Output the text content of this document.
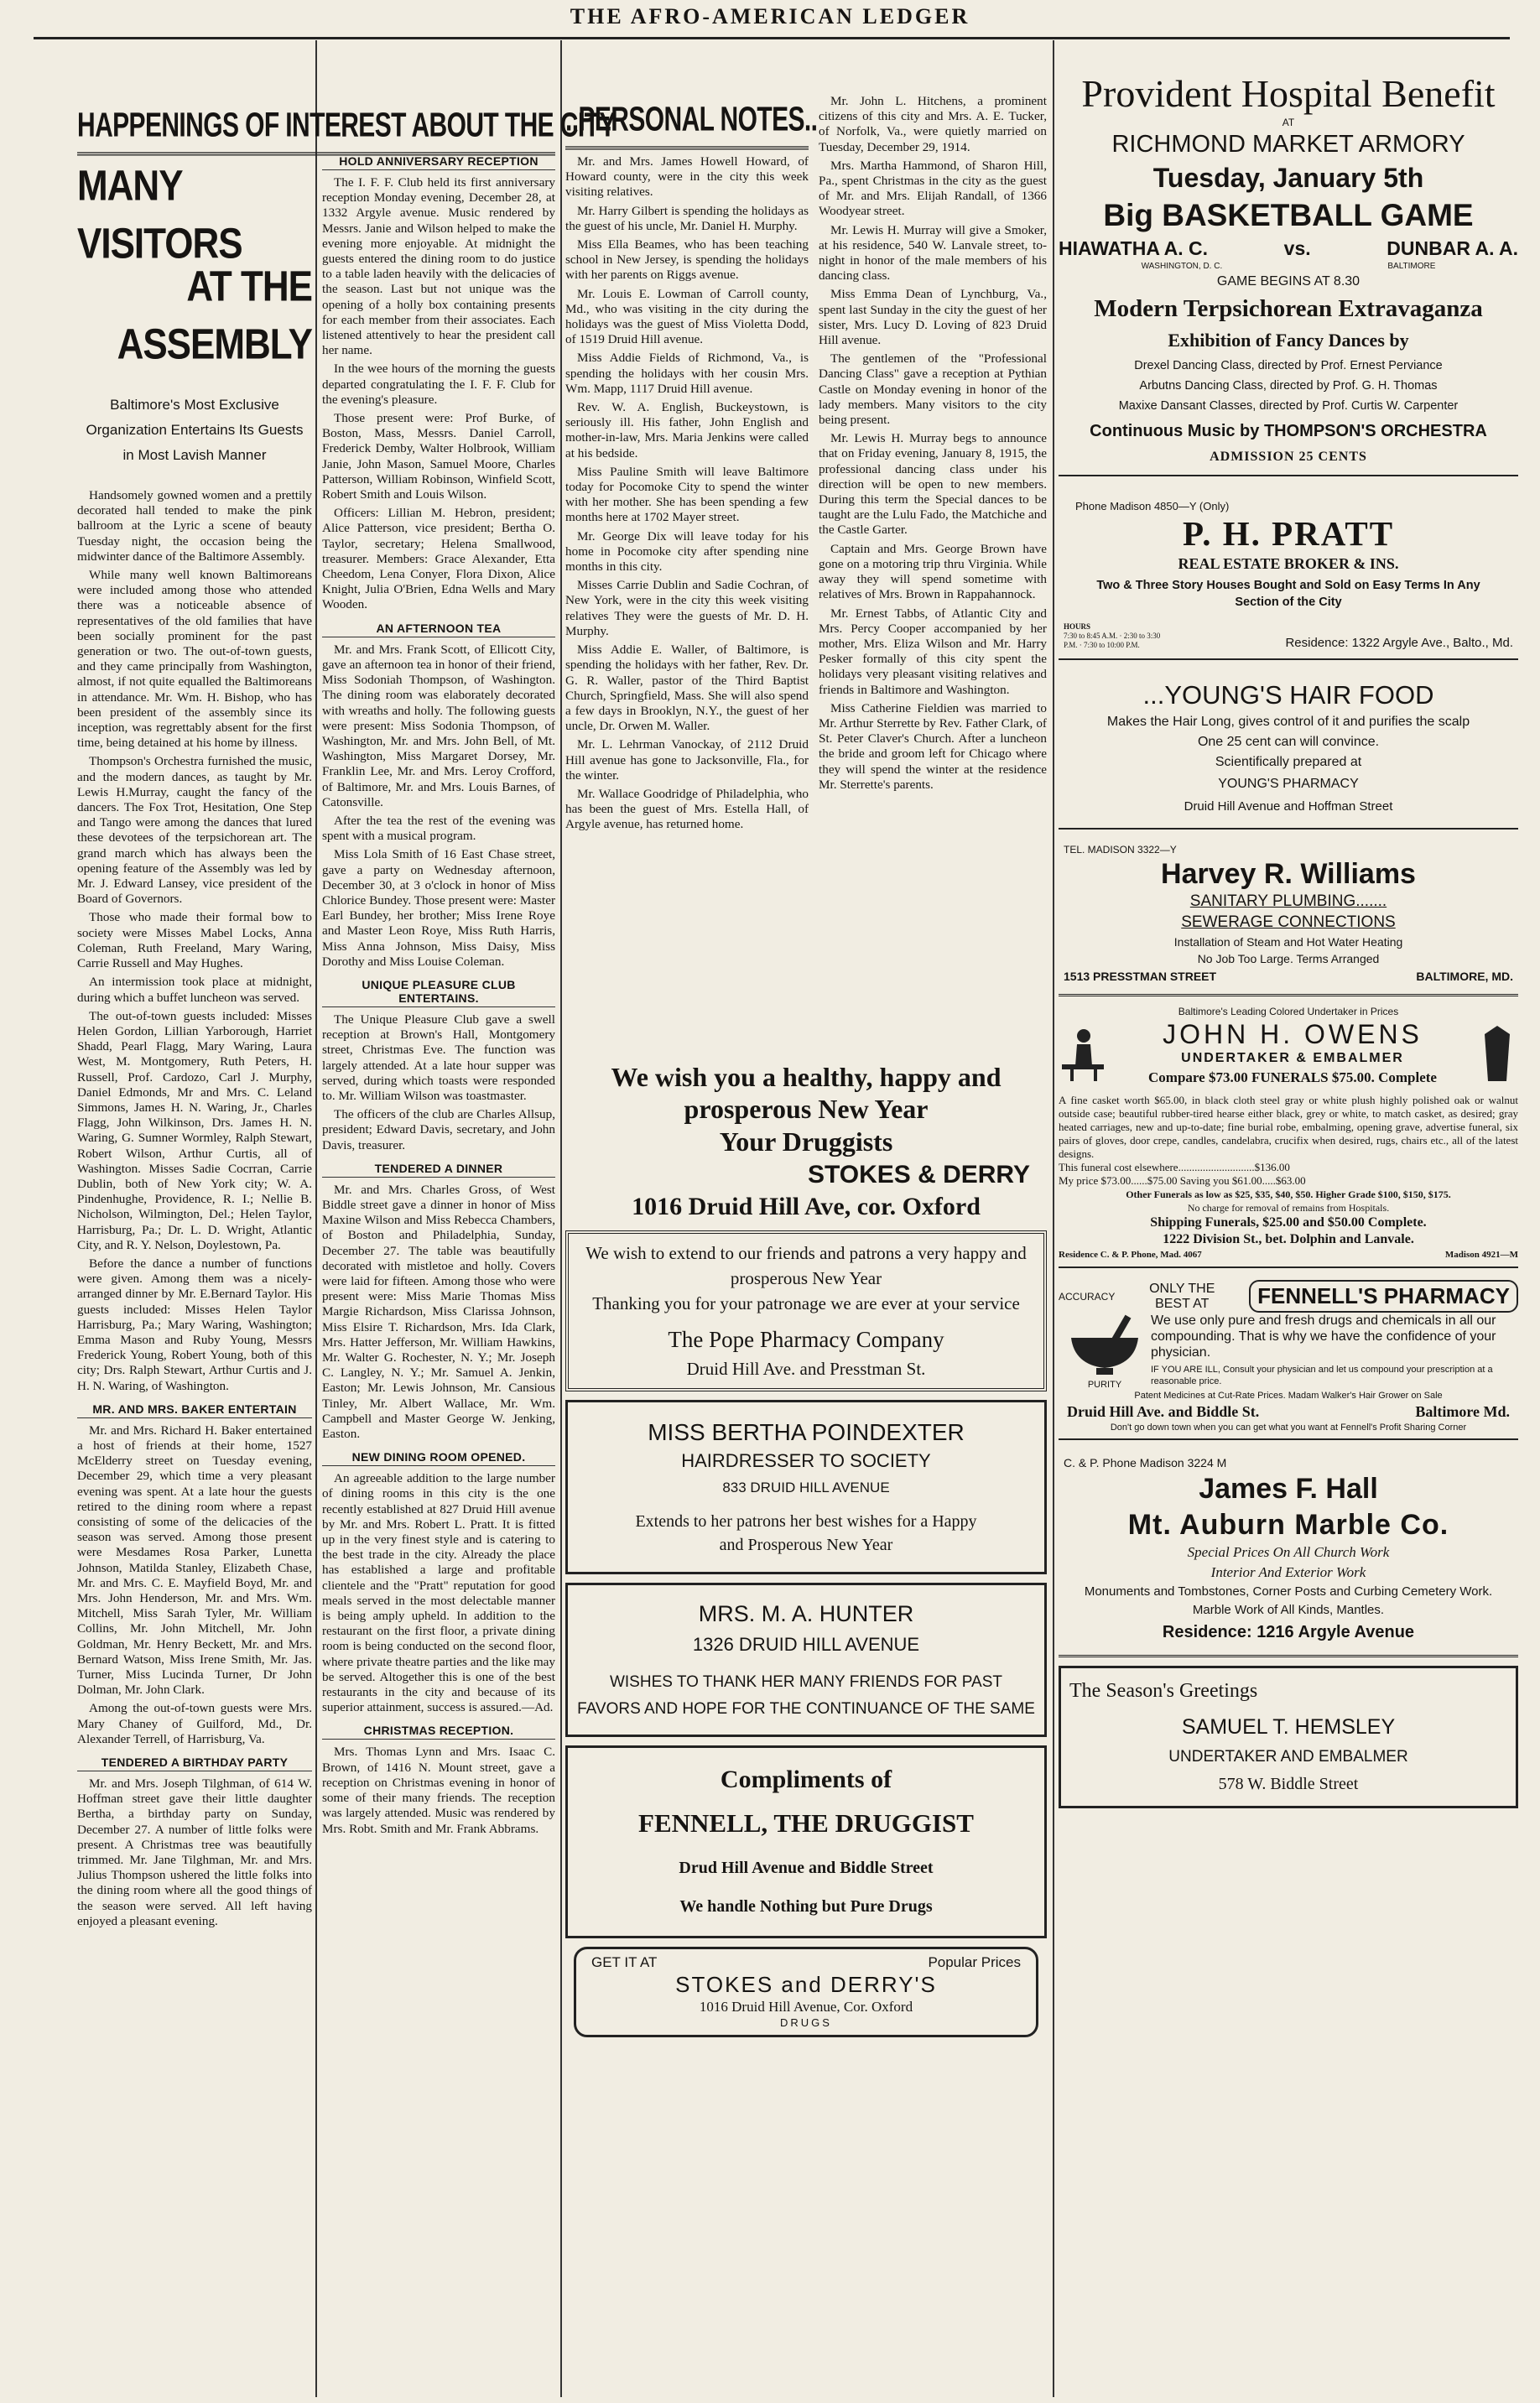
THE AFRO-AMERICAN LEDGER
HAPPENINGS OF INTEREST ABOUT THE CITY
MANY VISITORS
AT THE ASSEMBLY
Baltimore's Most Exclusive Organization Entertains Its Guests in Most Lavish Manner

Handsomely gowned women and a prettily decorated hall tended to make the pink ballroom at the Lyric a scene of beauty Tuesday night, the occasion being the midwinter dance of the Baltimore Assembly.

While many well known Baltimoreans were included among those who attended there was a noticeable absence of representatives of the old families that have been socially prominent for the past generation or two. The out-of-town guests, and they came principally from Washington, almost, if not quite equalled the Baltimoreans in attendance. Mr. Wm. H. Bishop, who has been president of the assembly since its inception, was regrettably absent for the first time, being detained at his home by illness.

Thompson's Orchestra furnished the music, and the modern dances, as taught by Mr. Lewis H.Murray, caught the fancy of the dancers. The Fox Trot, Hesitation, One Step and Tango were among the dances that lured these devotees of the terpsichorean art. The grand march which has always been the opening feature of the Assembly was led by Mr. J. Edward Lansey, vice president of the Board of Governors.

Those who made their formal bow to society were Misses Mabel Locks, Anna Coleman, Ruth Freeland, Mary Waring, Carrie Russell and May Hughes.

An intermission took place at midnight, during which a buffet luncheon was served.

The out-of-town guests included: Misses Helen Gordon, Lillian Yarborough, Harriet Shadd, Pearl Flagg, Mary Waring, Laura West, M. Montgomery, Ruth Peters, H. Russell, Prof. Cardozo, Carl J. Murphy, Daniel Edmonds, Mr and Mrs. C. Leland Simmons, James H. N. Waring, Jr., Charles Flagg, John Wilkinson, Drs. James H. N. Waring, G. Sumner Wormley, Ralph Stewart, Robert Wilson, Arthur Curtis, all of Washington. Misses Sadie Cocrran, Carrie Dublin, both of New York city; W. A. Pindenhughe, Providence, R. I.; Nellie B. Nicholson, Wilmington, Del.; Helen Taylor, Harrisburg, Pa.; Dr. L. D. Wright, Atlantic City, and R. Y. Nelson, Doylestown, Pa.

Before the dance a number of functions were given. Among them was a nicely-arranged dinner by Mr. E.Bernard Taylor. His guests included: Misses Helen Taylor Harrisburg, Pa.; Mary Waring, Washington; Emma Mason and Ruby Young, Messrs Frederick Young, Robert Young, both of this city; Drs. Ralph Stewart, Arthur Curtis and J. H. N. Waring, of Washington.

MR. AND MRS. BAKER ENTERTAIN

Mr. and Mrs. Richard H. Baker entertained a host of friends at their home, 1527 McElderry street on Tuesday evening, December 29, which time a very pleasant evening was spent. At a late hour the guests retired to the dining room where a repast consisting of some of the delicacies of the season was served. Among those present were Mesdames Rosa Parker, Lunetta Johnson, Matilda Stanley, Elizabeth Chase, Mr. and Mrs. C. E. Mayfield Boyd, Mr. and Mrs. John Henderson, Mr. and Mrs. Wm. Mitchell, Miss Sarah Tyler, Mr. William Collins, Mr. John Mitchell, Mr. John Goldman, Mr. Henry Beckett, Mr. and Mrs. Bernard Watson, Miss Irene Smith, Mr. Jas. Turner, Miss Lucinda Turner, Dr John Dolman, Mr. John Clark.

Among the out-of-town guests were Mrs. Mary Chaney of Guilford, Md., Dr. Alexander Terrell, of Harrisburg, Va.

TENDERED A BIRTHDAY PARTY

Mr. and Mrs. Joseph Tilghman, of 614 W. Hoffman street gave their little daughter Bertha, a birthday party on Sunday, December 27. A number of little folks were present. A Christmas tree was beautifully trimmed. Mr. Jane Tilghman, Mr. and Mrs. Julius Thompson ushered the little folks into the dining room where all the good things of the season were served. All left having enjoyed a pleasant evening.

HOLD ANNIVERSARY RECEPTION

The I. F. F. Club held its first anniversary reception Monday evening, December 28, at 1332 Argyle avenue. Music rendered by Messrs. Janie and Wilson helped to make the evening more enjoyable. At midnight the guests entered the dining room to do justice to a table laden heavily with the delicacies of the season. Last but not unique was the opening of a holly box containing presents for each member from their associates. Each listened attentively to hear the president call her name.

In the wee hours of the morning the guests departed congratulating the I. F. F. Club for the evening's pleasure.

Those present were: Prof Burke, of Boston, Mass, Messrs. Daniel Carroll, Frederick Demby, Walter Holbrook, William Janie, John Mason, Samuel Moore, Charles Patterson, William Robinson, Winfield Scott, Robert Smith and Louis Wilson.

Officers: Lillian M. Hebron, president; Alice Patterson, vice president; Bertha O. Taylor, secretary; Helena Smallwood, treasurer. Members: Grace Alexander, Etta Cheedom, Lena Conyer, Flora Dixon, Alice Knight, Julia O'Brien, Edna Wells and Mary Wooden.

AN AFTERNOON TEA

Mr. and Mrs. Frank Scott, of Ellicott City, gave an afternoon tea in honor of their friend, Miss Sodoniah Thompson, of Washington. The dining room was elaborately decorated with wreaths and holly. The following guests were present: Miss Sodonia Thompson, of Washington, Mr. and Mrs. John Bell, of Mt. Washington, Miss Margaret Dorsey, Mr. Franklin Lee, Mr. and Mrs. Leroy Crofford, of Baltimore, Mr. and Mrs. Louis Barnes, of Catonsville.

After the tea the rest of the evening was spent with a musical program.

Miss Lola Smith of 16 East Chase street, gave a party on Wednesday afternoon, December 30, at 3 o'clock in honor of Miss Chlorice Bundey. Those present were: Master Earl Bundey, her brother; Miss Irene Roye and Master Leon Roye, Miss Ruth Harris, Miss Anna Johnson, Miss Daisy, Miss Dorothy and Miss Louise Coleman.

UNIQUE PLEASURE CLUB ENTERTAINS.

The Unique Pleasure Club gave a swell reception at Brown's Hall, Montgomery street, Christmas Eve. The function was largely attended. At a late hour supper was served, during which toasts were responded to. Mr. William Wilson was toastmaster.

The officers of the club are Charles Allsup, president; Edward Davis, secretary, and John Davis, treasurer.

TENDERED A DINNER

Mr. and Mrs. Charles Gross, of West Biddle street gave a dinner in honor of Miss Maxine Wilson and Miss Rebecca Chambers, of Boston and Philadelphia, Sunday, December 27. The table was beautifully decorated with mistletoe and holly. Covers were laid for fifteen. Among those who were present were: Miss Marie Thomas Miss Margie Richardson, Miss Clarissa Johnson, Miss Elsire T. Richardson, Mrs. Ida Clark, Mrs. Hatter Jefferson, Mr. William Hawkins, Mr. Walter G. Rochester, N. Y.; Mr. Joseph C. Langley, N. Y.; Mr. Samuel A. Jenkin, Easton; Mr. Lewis Johnson, Mr. Cansious Tinley, Mr. Albert Wallace, Mr. Wm. Campbell and Master George W. Jenking, Easton.

NEW DINING ROOM OPENED.

An agreeable addition to the large number of dining rooms in this city is the one recently established at 827 Druid Hill avenue by Mr. and Mrs. Robert L. Pratt. It is fitted up in the very finest style and is catering to the best trade in the city. Already the place has established a large and profitable clientele and the "Pratt" reputation for good meals served in the most delectable manner is being amply upheld. In addition to the restaurant on the first floor, a private dining room is being conducted on the second floor, where private theatre parties and the like may be served. Altogether this is one of the best restaurants in the city and because of its superior attainment, success is assured.—Ad.

CHRISTMAS RECEPTION.

Mrs. Thomas Lynn and Mrs. Isaac C. Brown, of 1416 N. Mount street, gave a reception on Christmas evening in honor of some of their many friends. The reception was largely attended. Music was rendered by Mrs. Robt. Smith and Mr. Frank Abbrams.

..PERSONAL NOTES..

Mr. and Mrs. James Howell Howard, of Howard county, were in the city this week visiting relatives.

Mr. Harry Gilbert is spending the holidays as the guest of his uncle, Mr. Daniel H. Murphy.

Miss Ella Beames, who has been teaching school in New Jersey, is spending the holidays with her parents on Riggs avenue.

Mr. Louis E. Lowman of Carroll county, Md., who was visiting in the city during the holidays was the guest of Miss Violetta Dodd, of 1519 Druid Hill avenue.

Miss Addie Fields of Richmond, Va., is spending the holidays with her cousin Mrs. Wm. Mapp, 1117 Druid Hill avenue.

Rev. W. A. English, Buckeystown, is seriously ill. His father, John English and mother-in-law, Mrs. Maria Jenkins were called at his bedside.

Miss Pauline Smith will leave Baltimore today for Pocomoke City to spend the winter with her mother. She has been spending a few months here at 1702 Mayer street.

Mr. George Dix will leave today for his home in Pocomoke city after spending nine months in this city.

Misses Carrie Dublin and Sadie Cochran, of New York, were in the city this week visiting relatives They were the guests of Mr. D. H. Murphy.

Miss Addie E. Waller, of Baltimore, is spending the holidays with her father, Rev. Dr. G. R. Waller, pastor of the Third Baptist Church, Springfield, Mass. She will also spend a few days in Brooklyn, N.Y., the guest of her uncle, Dr. Orwen M. Waller.

Mr. L. Lehrman Vanockay, of 2112 Druid Hill avenue has gone to Jacksonville, Fla., for the winter.

Mr. Wallace Goodridge of Philadelphia, who has been the guest of Mrs. Estella Hall, of Argyle avenue, has returned home.

Mr. John L. Hitchens, a prominent citizens of this city and Mrs. A. E. Tucker, of Norfolk, Va., were quietly married on Tuesday, December 29, 1914.

Mrs. Martha Hammond, of Sharon Hill, Pa., spent Christmas in the city as the guest of Mr. and Mrs. Elijah Randall, of 1366 Woodyear street.

Mr. Lewis H. Murray will give a Smoker, at his residence, 540 W. Lanvale street, to-night in honor of the male members of his dancing class.

Miss Emma Dean of Lynchburg, Va., spent last Sunday in the city the guest of her sister, Mrs. Lucy D. Loving of 823 Druid Hill avenue.

The gentlemen of the "Professional Dancing Class" gave a reception at Pythian Castle on Monday evening in honor of the lady members. Many visitors to the city being present.

Mr. Lewis H. Murray begs to announce that on Friday evening, January 8, 1915, the professional dancing class under his direction will be open to new members. During this term the Special dances to be taught are the Lulu Fado, the Matchiche and the Castle Garter.

Captain and Mrs. George Brown have gone on a motoring trip thru Virginia. While away they will spend sometime with relatives of Mrs. Brown in Rappahannock.

Mr. Ernest Tabbs, of Atlantic City and Mrs. Percy Cooper accompanied by her mother, Mrs. Eliza Wilson and Mr. Harry Pesker formally of this city spent the holidays very pleasant visiting relatives and friends in Baltimore and Washington.

Miss Catherine Fieldien was married to Mr. Arthur Sterrette by Rev. Father Clark, of St. Peter Claver's Church. After a luncheon the bride and groom left for Chicago where they will spend the winter at the residence Mr. Sterrette's parents.

We wish you a healthy, happy and
prosperous New Year
Your Druggists
STOKES & DERRY
1016 Druid Hill Ave, cor. Oxford
We wish to extend to our friends and patrons a very happy and prosperous New Year
Thanking you for your patronage we are ever at your service
The Pope Pharmacy Company
Druid Hill Ave. and Presstman St.
MISS BERTHA POINDEXTER
HAIRDRESSER TO SOCIETY
833 DRUID HILL AVENUE
Extends to her patrons her best wishes for a Happy and Prosperous New Year
MRS. M. A. HUNTER
1326 DRUID HILL AVENUE
WISHES TO THANK HER MANY FRIENDS FOR PAST FAVORS AND HOPE FOR THE CONTINUANCE OF THE SAME
Compliments of
FENNELL, THE DRUGGIST
Drud Hill Avenue and Biddle Street
We handle Nothing but Pure Drugs
GET IT AT	Popular Prices
STOKES and DERRY'S
1016 Druid Hill Avenue, Cor. Oxford
DRUGS
Provident Hospital Benefit
AT
RICHMOND MARKET ARMORY
Tuesday, January 5th
Big BASKETBALL GAME
HIAWATHA A. C.	vs.	DUNBAR A. A.
WASHINGTON, D. C.	BALTIMORE
GAME BEGINS AT 8.30
Modern Terpsichorean Extravaganza
Exhibition of Fancy Dances by
Drexel Dancing Class, directed by Prof. Ernest Perviance
Arbutns Dancing Class, directed by Prof. G. H. Thomas
Maxixe Dansant Classes, directed by Prof. Curtis W. Carpenter
Continuous Music by THOMPSON'S ORCHESTRA
ADMISSION 25 CENTS
Phone Madison 4850—Y (Only)
P. H. PRATT
REAL ESTATE BROKER & INS.
Two & Three Story Houses Bought and Sold on Easy Terms In Any Section of the City
HOURS
7:30 to 8:45 A.M. · 2:30 to 3:30 P.M. · 7:30 to 10:00 P.M.	Residence: 1322 Argyle Ave., Balto., Md.
...YOUNG'S HAIR FOOD
Makes the Hair Long, gives control of it and purifies the scalp
One 25 cent can will convince.
Scientifically prepared at
YOUNG'S PHARMACY
Druid Hill Avenue and Hoffman Street
TEL. MADISON 3322—Y
Harvey R. Williams
SANITARY PLUMBING.......
SEWERAGE CONNECTIONS
Installation of Steam and Hot Water Heating
No Job Too Large. Terms Arranged
1513 PRESSTMAN STREET	BALTIMORE, MD.
Baltimore's Leading Colored Undertaker in Prices
JOHN H. OWENS
UNDERTAKER & EMBALMER
Compare $73.00 FUNERALS $75.00. Complete
A fine casket worth $65.00, in black cloth steel gray or white plush highly polished oak or walnut outside case; beautiful rubber-tired hearse either black, grey or white, to match casket, as desired; gray heated carriages, new and up-to-date; fine burial robe, embalming, opening grave, advertise funeral, six pairs of gloves, door crepe, candles, candelabra, crucifix when desired, rugs, chairs etc., all of the latest designs.
This funeral cost elsewhere............................$136.00
My price $73.00......$75.00 Saving you $61.00.....$63.00
Other Funerals as low as $25, $35, $40, $50. Higher Grade $100, $150, $175.
No charge for removal of remains from Hospitals.
Shipping Funerals, $25.00 and $50.00 Complete.
1222 Division St., bet. Dolphin and Lanvale.
Residence C. & P. Phone, Mad. 4067	Madison 4921—M
ACCURACY
ONLY THE BEST AT	FENNELL'S PHARMACY
PURITY
We use only pure and fresh drugs and chemicals in all our compounding. That is why we have the confidence of your physician.
IF YOU ARE ILL, Consult your physician and let us compound your prescription at a reasonable price.
Patent Medicines at Cut-Rate Prices. Madam Walker's Hair Grower on Sale
Druid Hill Ave. and Biddle St.	Baltimore Md.
Don't go down town when you can get what you want at Fennell's Profit Sharing Corner
C. & P. Phone Madison 3224 M
James F. Hall
Mt. Auburn Marble Co.
Special Prices On All Church Work
Interior And Exterior Work
Monuments and Tombstones, Corner Posts and Curbing Cemetery Work. Marble Work of All Kinds, Mantles.
Residence: 1216 Argyle Avenue
The Season's Greetings
SAMUEL T. HEMSLEY
UNDERTAKER AND EMBALMER
578 W. Biddle Street
